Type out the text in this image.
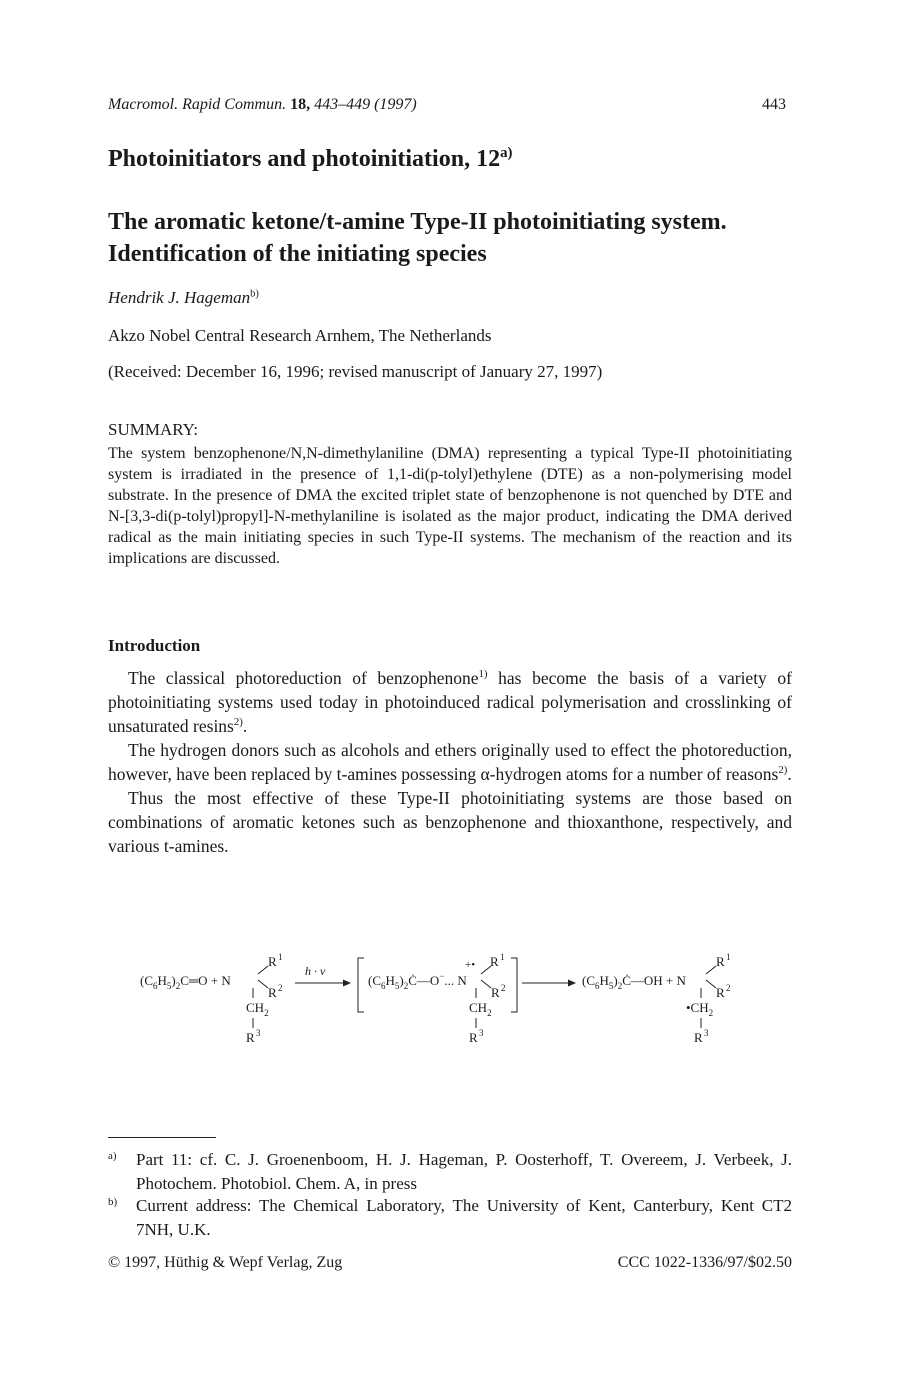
Macromol. Rapid Commun. 18, 443–449 (1997)	443
Photoinitiators and photoinitiation, 12$^{a)}$
The aromatic ketone/t-amine Type-II photoinitiating system. Identification of the initiating species
Hendrik J. Hageman$^{b)}$
Akzo Nobel Central Research Arnhem, The Netherlands
(Received: December 16, 1996; revised manuscript of January 27, 1997)
SUMMARY:

The system benzophenone/N,N-dimethylaniline (DMA) representing a typical Type-II photoinitiating system is irradiated in the presence of 1,1-di(p-tolyl)ethylene (DTE) as a non-polymerising model substrate. In the presence of DMA the excited triplet state of benzophenone is not quenched by DTE and N-[3,3-di(p-tolyl)propyl]-N-methylaniline is isolated as the major product, indicating the DMA derived radical as the main initiating species in such Type-II systems. The mechanism of the reaction and its implications are discussed.

Introduction

The classical photoreduction of benzophenone$^{1)}$ has become the basis of a variety of photoinitiating systems used today in photoinduced radical polymerisation and crosslinking of unsaturated resins$^{2)}$.

The hydrogen donors such as alcohols and ethers originally used to effect the photoreduction, however, have been replaced by t-amines possessing α-hydrogen atoms for a number of reasons$^{2)}$.

Thus the most effective of these Type-II photoinitiating systems are those based on combinations of aromatic ketones such as benzophenone and thioxanthone, respectively, and various t-amines.

$(C_6H_5)_2C═O + N$
R 1
R 2
$CH_2$
R 3
h · ν
$(C_6H_5)_2Ċ—O^-$... N
+• R 1
R 2
$CH_2$
R 3
$(C_6H_5)_2Ċ—OH + N$
R 1
R 2
$•CH_2$
R 3
a) Part 11: cf. C. J. Groenenboom, H. J. Hageman, P. Oosterhoff, T. Overeem, J. Verbeek, J. Photochem. Photobiol. Chem. A, in press
b) Current address: The Chemical Laboratory, The University of Kent, Canterbury, Kent CT2 7NH, U.K.
© 1997, Hüthig & Wepf Verlag, Zug	CCC 1022-1336/97/$02.50
